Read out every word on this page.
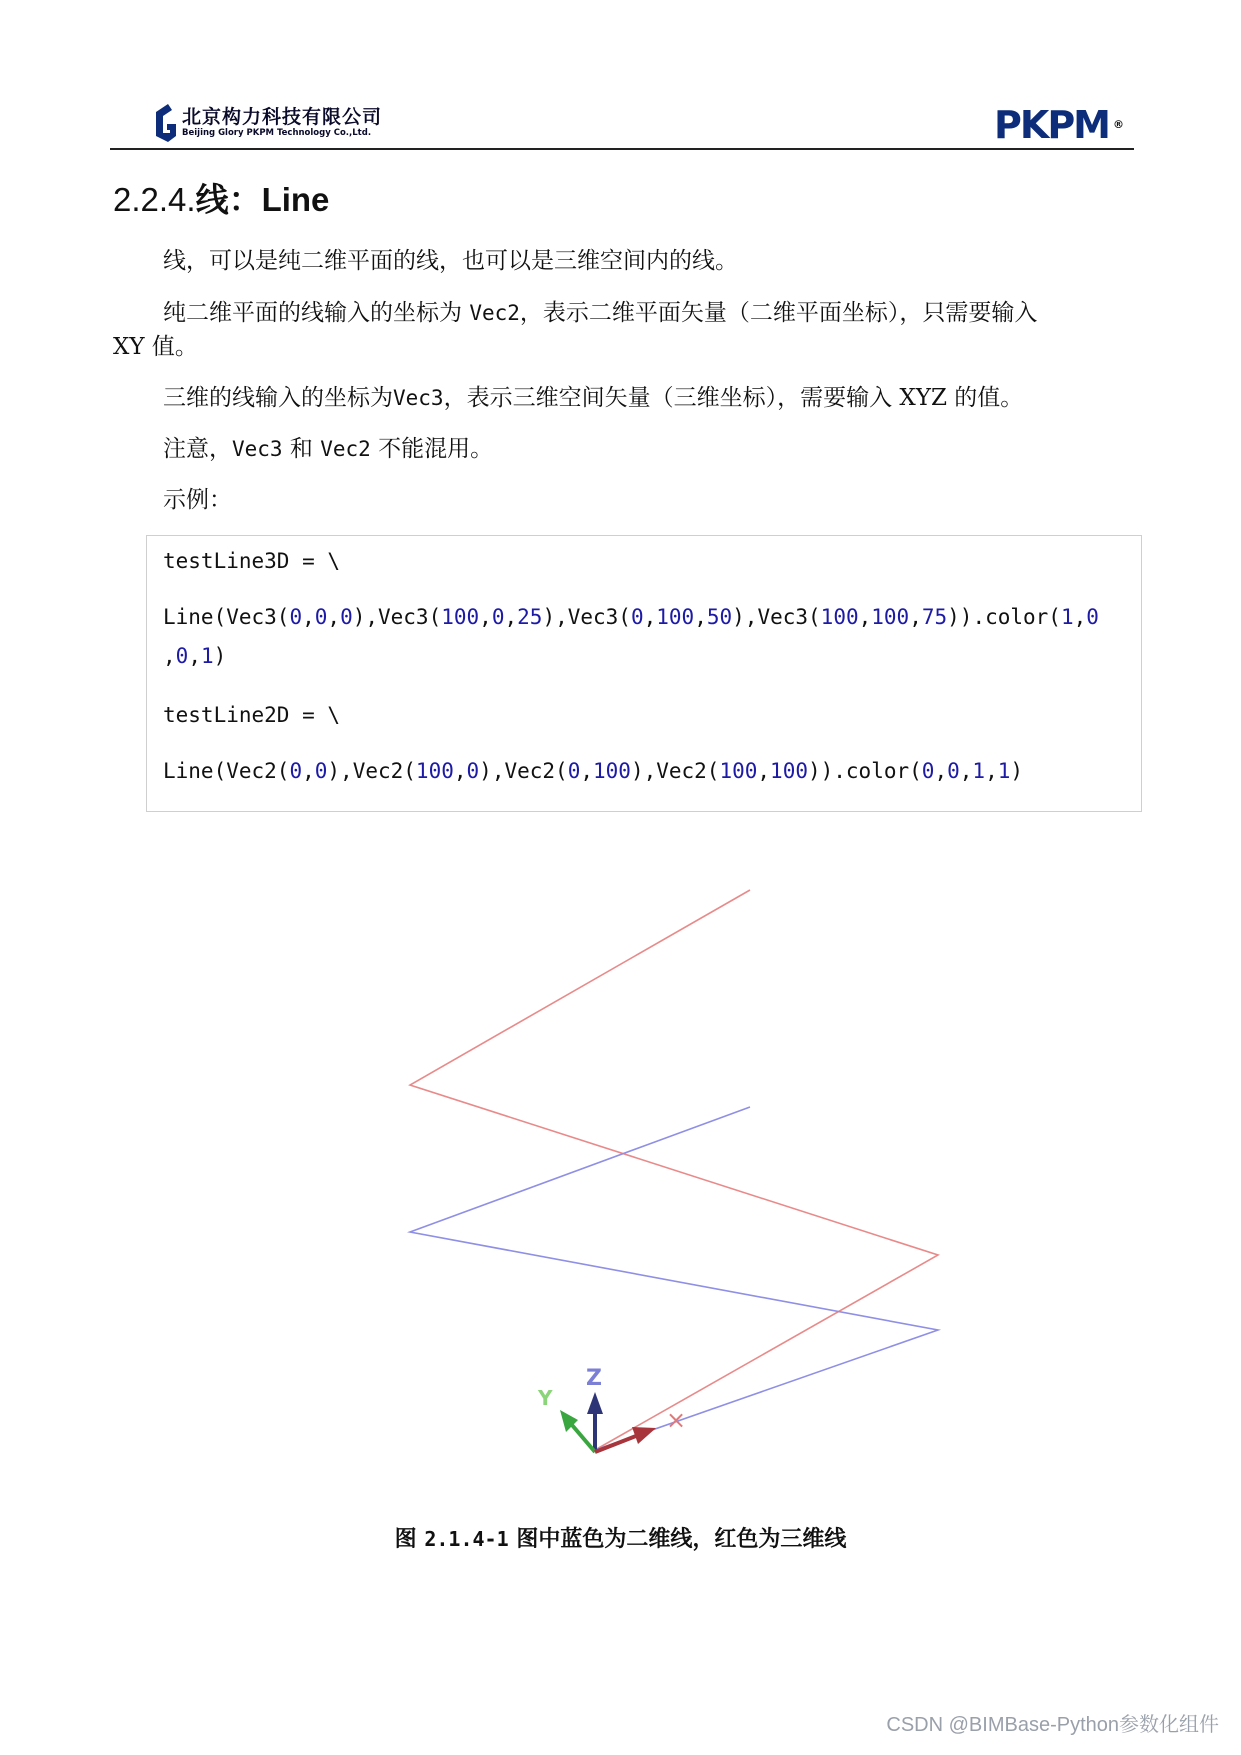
北京构力科技有限公司
Beijing Glory PKPM Technology Co.,Ltd.	PKPM ®
2.2.4.线：Line

线，可以是纯二维平面的线，也可以是三维空间内的线。

纯二维平面的线输入的坐标为 Vec2，表示二维平面矢量（二维平面坐标），只需要输入
XY 值。

三维的线输入的坐标为Vec3，表示三维空间矢量（三维坐标），需要输入 XYZ 的值。

注意，Vec3 和 Vec2 不能混用。

示例：

testLine3D = \
Line(Vec3(0,0,0),Vec3(100,0,25),Vec3(0,100,50),Vec3(100,100,75)).color(1,0
,0,1)
testLine2D = \
Line(Vec2(0,0),Vec2(100,0),Vec2(0,100),Vec2(100,100)).color(0,0,1,1)
Z
Y
×
图 2.1.4-1 图中蓝色为二维线，红色为三维线
CSDN @BIMBase-Python参数化组件
